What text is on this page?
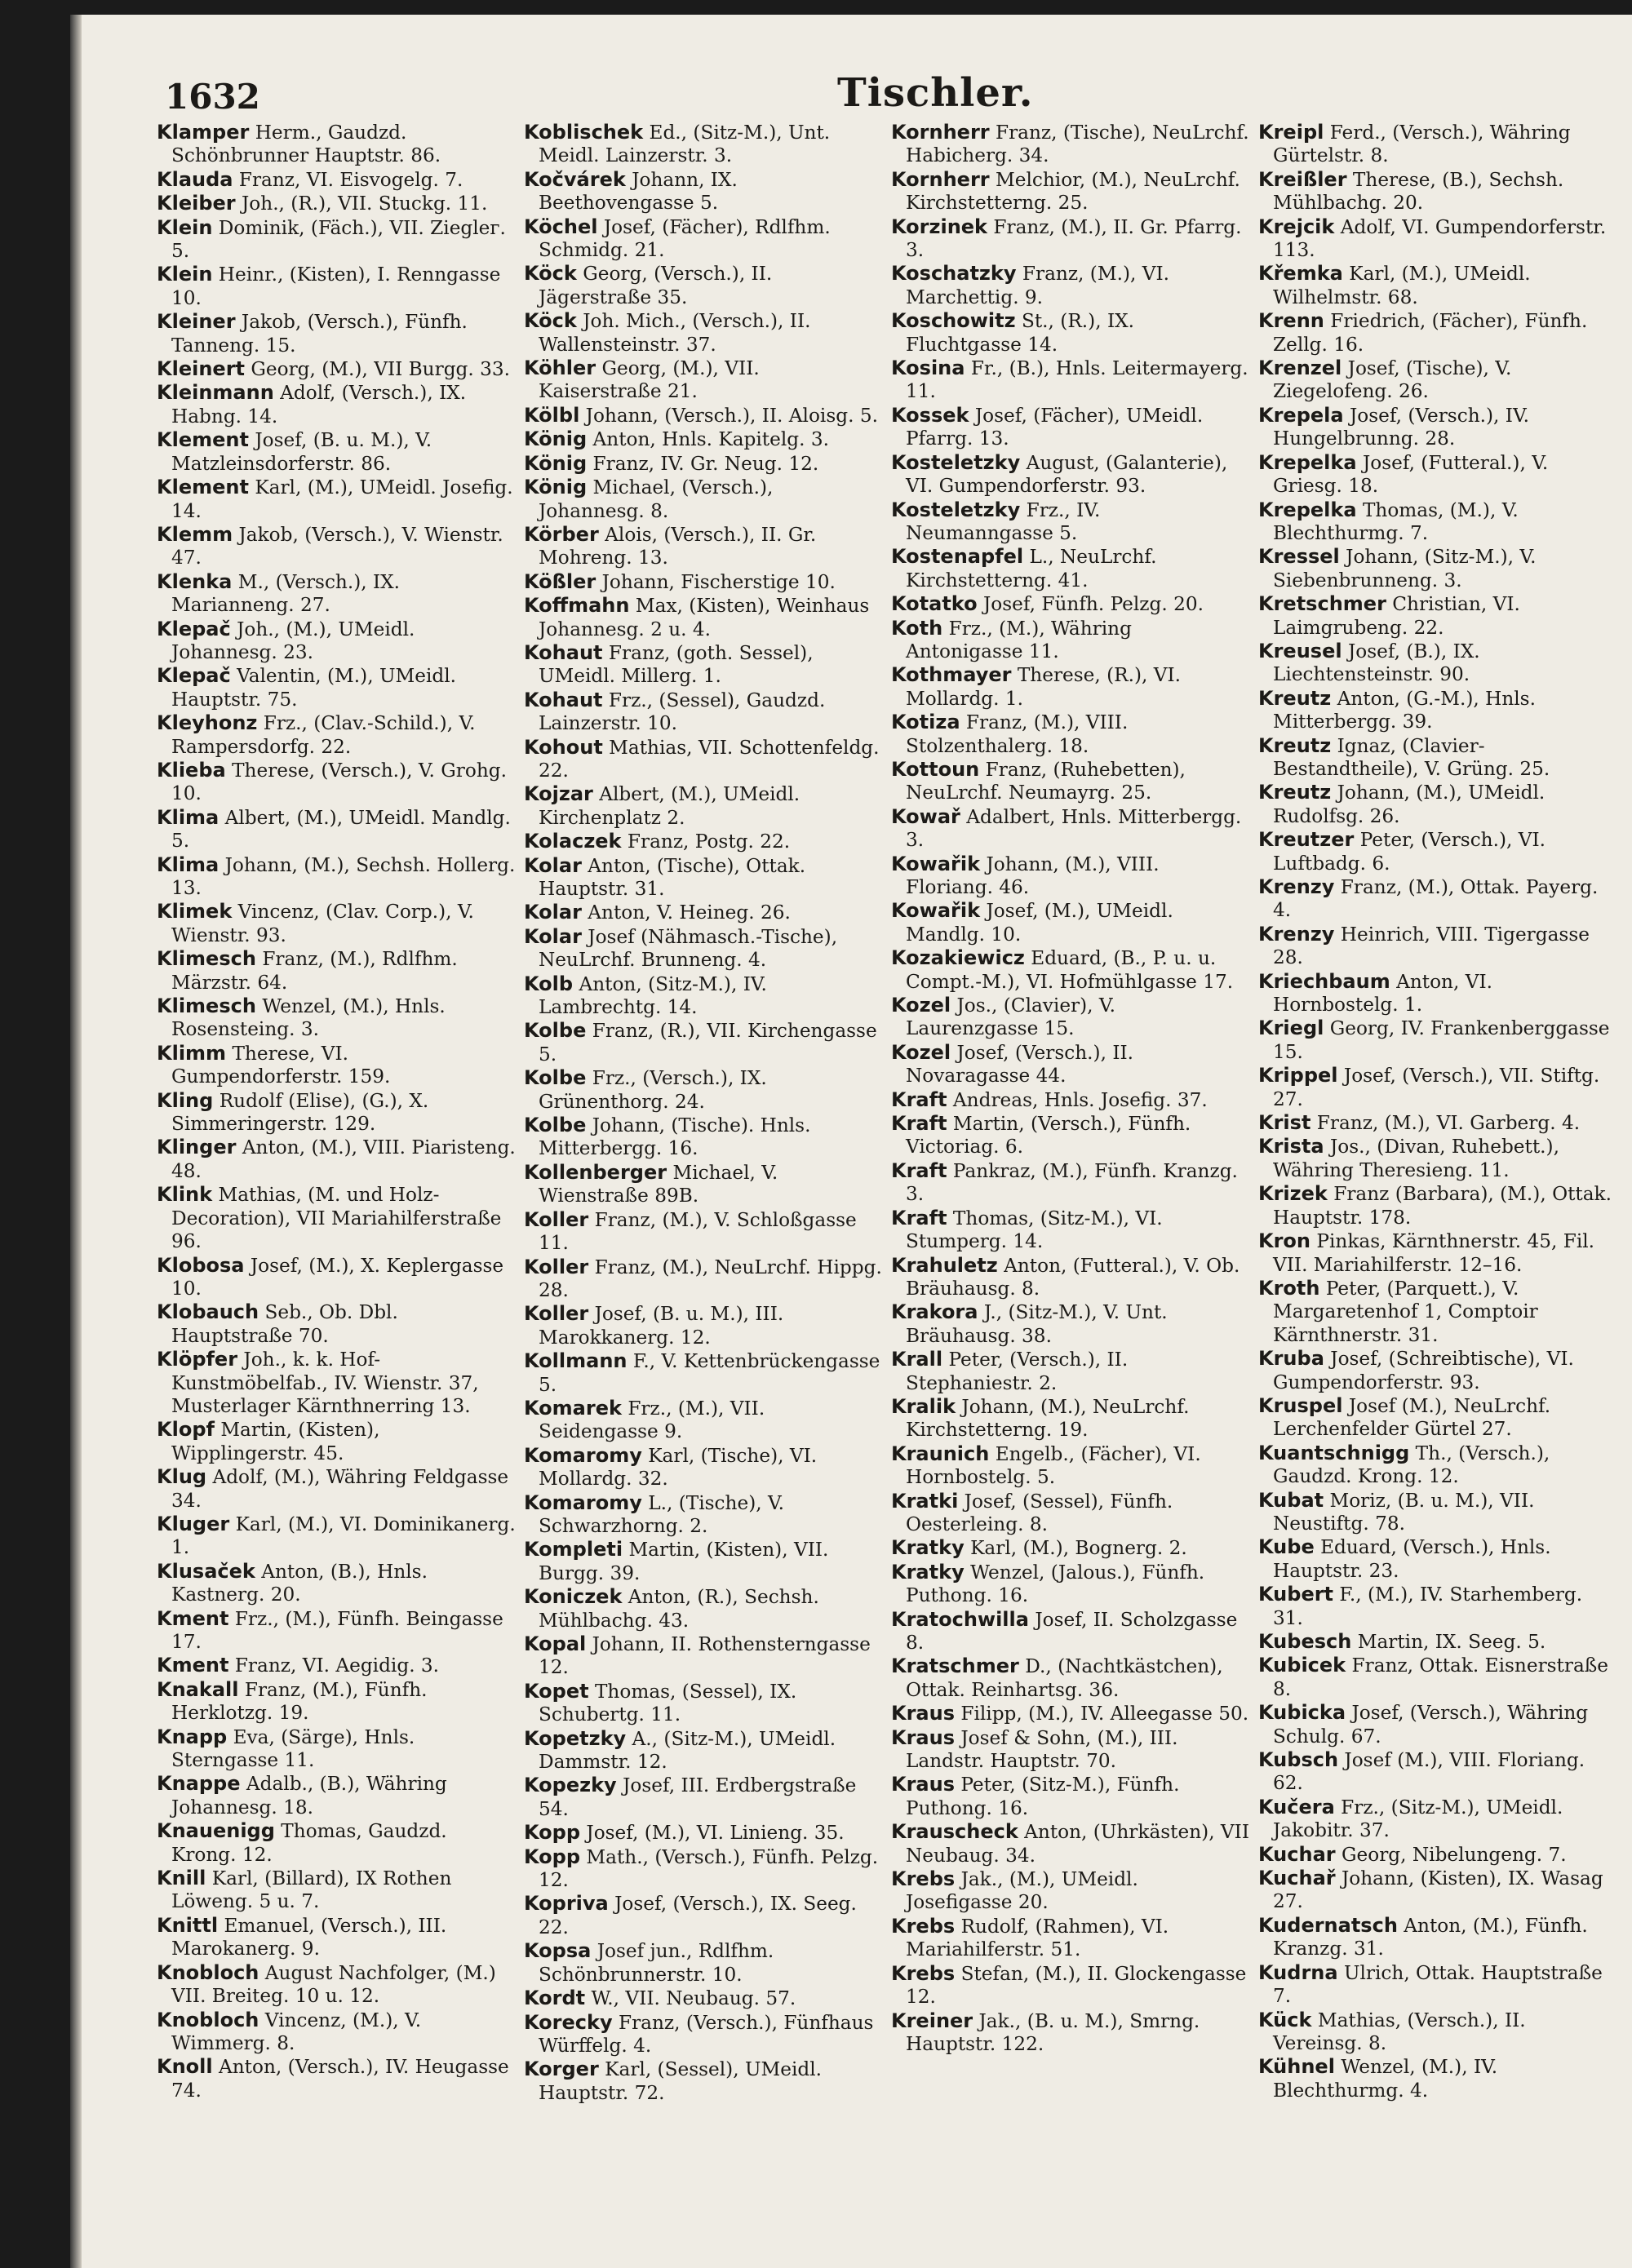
1632	Tischler.

Klamper Herm., Gaudzd. Schönbrunner Hauptstr. 86.

Klauda Franz, VI. Eisvogelg. 7.

Kleiber Joh., (R.), VII. Stuckg. 11.

Klein Dominik, (Fäch.), VII. Ziegleг. 5.

Klein Heinr., (Kisten), I. Renngasse 10.

Kleiner Jakob, (Versch.), Fünfh. Tanneng. 15.

Kleinert Georg, (M.), VII Burgg. 33.

Kleinmann Adolf, (Versch.), IX. Habng. 14.

Klement Josef, (B. u. M.), V. Matzleinsdorferstr. 86.

Klement Karl, (M.), UMeidl. Josefig. 14.

Klemm Jakob, (Versch.), V. Wienstr. 47.

Klenka M., (Versch.), IX. Marianneng. 27.

Klepač Joh., (M.), UMeidl. Johannesg. 23.

Klepač Valentin, (M.), UMeidl. Hauptstr. 75.

Kleyhonz Frz., (Clav.-Schild.), V. Rampersdorfg. 22.

Klieba Therese, (Versch.), V. Grohg. 10.

Klima Albert, (M.), UMeidl. Mandlg. 5.

Klima Johann, (M.), Sechsh. Hollerg. 13.

Klimek Vincenz, (Clav. Corp.), V. Wienstr. 93.

Klimesch Franz, (M.), Rdlfhm. Märzstr. 64.

Klimesch Wenzel, (M.), Hnls. Rosensteing. 3.

Klimm Therese, VI. Gumpendorferstr. 159.

Kling Rudolf (Elise), (G.), X. Simmeringerstr. 129.

Klinger Anton, (M.), VIII. Piaristeng. 48.

Klink Mathias, (M. und Holz-Decoration), VII Mariahilferstraße 96.

Klobosa Josef, (M.), X. Keplergasse 10.

Klobauch Seb., Ob. Dbl. Hauptstraße 70.

Klöpfer Joh., k. k. Hof-Kunstmöbelfab., IV. Wienstr. 37, Musterlager Kärnthnerring 13.

Klopf Martin, (Kisten), Wipplingerstr. 45.

Klug Adolf, (M.), Währing Feldgasse 34.

Kluger Karl, (M.), VI. Dominikanerg. 1.

Klusaček Anton, (B.), Hnls. Kastnerg. 20.

Kment Frz., (M.), Fünfh. Beingasse 17.

Kment Franz, VI. Aegidig. 3.

Knakall Franz, (M.), Fünfh. Herklotzg. 19.

Knapp Eva, (Särge), Hnls. Sterngasse 11.

Knappe Adalb., (B.), Währing Johannesg. 18.

Knauenigg Thomas, Gaudzd. Krong. 12.

Knill Karl, (Billard), IX Rothen Löweng. 5 u. 7.

Knittl Emanuel, (Versch.), III. Marokanerg. 9.

Knobloch August Nachfolger, (M.) VII. Breiteg. 10 u. 12.

Knobloch Vincenz, (M.), V. Wimmerg. 8.

Knoll Anton, (Versch.), IV. Heugasse 74.

Koblischek Ed., (Sitz-M.), Unt. Meidl. Lainzerstr. 3.

Kočvárek Johann, IX. Beethovengasse 5.

Köchel Josef, (Fächer), Rdlfhm. Schmidg. 21.

Köck Georg, (Versch.), II. Jägerstraße 35.

Köck Joh. Mich., (Versch.), II. Wallensteinstr. 37.

Köhler Georg, (M.), VII. Kaiserstraße 21.

Kölbl Johann, (Versch.), II. Aloisg. 5.

König Anton, Hnls. Kapitelg. 3.

König Franz, IV. Gr. Neug. 12.

König Michael, (Versch.), Johannesg. 8.

Körber Alois, (Versch.), II. Gr. Mohreng. 13.

Kößler Johann, Fischerstige 10.

Koffmahn Max, (Kisten), Weinhaus Johannesg. 2 u. 4.

Kohaut Franz, (goth. Sessel), UMeidl. Millerg. 1.

Kohaut Frz., (Sessel), Gaudzd. Lainzerstr. 10.

Kohout Mathias, VII. Schottenfeldg. 22.

Kojzar Albert, (M.), UMeidl. Kirchenplatz 2.

Kolaczek Franz, Postg. 22.

Kolar Anton, (Tische), Ottak. Hauptstr. 31.

Kolar Anton, V. Heineg. 26.

Kolar Josef (Nähmasch.-Tische), NeuLrchf. Brunneng. 4.

Kolb Anton, (Sitz-M.), IV. Lambrechtg. 14.

Kolbe Franz, (R.), VII. Kirchengasse 5.

Kolbe Frz., (Versch.), IX. Grünenthorg. 24.

Kolbe Johann, (Tische). Hnls. Mitterbergg. 16.

Kollenberger Michael, V. Wienstraße 89B.

Koller Franz, (M.), V. Schloßgasse 11.

Koller Franz, (M.), NeuLrchf. Hippg. 28.

Koller Josef, (B. u. M.), III. Marokkanerg. 12.

Kollmann F., V. Kettenbrückengasse 5.

Komarek Frz., (M.), VII. Seidengasse 9.

Komaromy Karl, (Tische), VI. Mollardg. 32.

Komaromy L., (Tische), V. Schwarzhorng. 2.

Kompleti Martin, (Kisten), VII. Burgg. 39.

Koniczek Anton, (R.), Sechsh. Mühlbachg. 43.

Kopal Johann, II. Rothensterngasse 12.

Kopet Thomas, (Sessel), IX. Schubertg. 11.

Kopetzky A., (Sitz-M.), UMeidl. Dammstr. 12.

Kopezky Josef, III. Erdbergstraße 54.

Kopp Josef, (M.), VI. Linieng. 35.

Kopp Math., (Versch.), Fünfh. Pelzg. 12.

Kopriva Josef, (Versch.), IX. Seeg. 22.

Kopsa Josef jun., Rdlfhm. Schönbrunnerstr. 10.

Kordt W., VII. Neubaug. 57.

Korecky Franz, (Versch.), Fünfhaus Würffelg. 4.

Korger Karl, (Sessel), UMeidl. Hauptstr. 72.

Kornherr Franz, (Tische), NeuLrchf. Habicherg. 34.

Kornherr Melchior, (M.), NeuLrchf. Kirchstetterng. 25.

Korzinek Franz, (M.), II. Gr. Pfarrg. 3.

Koschatzky Franz, (M.), VI. Marchettig. 9.

Koschowitz St., (R.), IX. Fluchtgasse 14.

Kosina Fr., (B.), Hnls. Leitermayerg. 11.

Kossek Josef, (Fächer), UMeidl. Pfarrg. 13.

Kosteletzky August, (Galanterie), VI. Gumpendorferstr. 93.

Kosteletzky Frz., IV. Neumanngasse 5.

Kostenapfel L., NeuLrchf. Kirchstetterng. 41.

Kotatko Josef, Fünfh. Pelzg. 20.

Koth Frz., (M.), Währing Antonigasse 11.

Kothmayer Therese, (R.), VI. Mollardg. 1.

Kotiza Franz, (M.), VIII. Stolzenthalerg. 18.

Kottoun Franz, (Ruhebetten), NeuLrchf. Neumayrg. 25.

Kowař Adalbert, Hnls. Mitterbergg. 3.

Kowařik Johann, (M.), VIII. Floriang. 46.

Kowařik Josef, (M.), UMeidl. Mandlg. 10.

Kozakiewicz Eduard, (B., P. u. u. Compt.-M.), VI. Hofmühlgasse 17.

Kozel Jos., (Clavier), V. Laurenzgasse 15.

Kozel Josef, (Versch.), II. Novaragasse 44.

Kraft Andreas, Hnls. Josefig. 37.

Kraft Martin, (Versch.), Fünfh. Victoriag. 6.

Kraft Pankraz, (M.), Fünfh. Kranzg. 3.

Kraft Thomas, (Sitz-M.), VI. Stumperg. 14.

Krahuletz Anton, (Futteral.), V. Ob. Bräuhausg. 8.

Krakora J., (Sitz-M.), V. Unt. Bräuhausg. 38.

Krall Peter, (Versch.), II. Stephaniestr. 2.

Kralik Johann, (M.), NeuLrchf. Kirchstetterng. 19.

Kraunich Engelb., (Fächer), VI. Hornbostelg. 5.

Kratki Josef, (Sessel), Fünfh. Oesterleing. 8.

Kratky Karl, (M.), Bognerg. 2.

Kratky Wenzel, (Jalous.), Fünfh. Puthong. 16.

Kratochwilla Josef, II. Scholzgasse 8.

Kratschmer D., (Nachtkästchen), Ottak. Reinhartsg. 36.

Kraus Filipp, (M.), IV. Alleegasse 50.

Kraus Josef & Sohn, (M.), III. Landstr. Hauptstr. 70.

Kraus Peter, (Sitz-M.), Fünfh. Puthong. 16.

Krauscheck Anton, (Uhrkästen), VII Neubaug. 34.

Krebs Jak., (M.), UMeidl. Josefigasse 20.

Krebs Rudolf, (Rahmen), VI. Mariahilferstr. 51.

Krebs Stefan, (M.), II. Glockengasse 12.

Kreiner Jak., (B. u. M.), Smrng. Hauptstr. 122.

Kreipl Ferd., (Versch.), Währing Gürtelstr. 8.

Kreißler Therese, (B.), Sechsh. Mühlbachg. 20.

Krejcik Adolf, VI. Gumpendorferstr. 113.

Křemka Karl, (M.), UMeidl. Wilhelmstr. 68.

Krenn Friedrich, (Fächer), Fünfh. Zellg. 16.

Krenzel Josef, (Tische), V. Ziegelofeng. 26.

Krepela Josef, (Versch.), IV. Hungelbrunng. 28.

Krepelka Josef, (Futteral.), V. Griesg. 18.

Krepelka Thomas, (M.), V. Blechthurmg. 7.

Kressel Johann, (Sitz-M.), V. Siebenbrunneng. 3.

Kretschmer Christian, VI. Laimgrubeng. 22.

Kreusel Josef, (B.), IX. Liechtensteinstr. 90.

Kreutz Anton, (G.-M.), Hnls. Mitterbergg. 39.

Kreutz Ignaz, (Clavier-Bestandtheile), V. Grüng. 25.

Kreutz Johann, (M.), UMeidl. Rudolfsg. 26.

Kreutzer Peter, (Versch.), VI. Luftbadg. 6.

Krenzy Franz, (M.), Ottak. Payerg. 4.

Krenzy Heinrich, VIII. Tigergasse 28.

Kriechbaum Anton, VI. Hornbostelg. 1.

Kriegl Georg, IV. Frankenberggasse 15.

Krippel Josef, (Versch.), VII. Stiftg. 27.

Krist Franz, (M.), VI. Garberg. 4.

Krista Jos., (Divan, Ruhebett.), Währing Theresieng. 11.

Krizek Franz (Barbara), (M.), Ottak. Hauptstr. 178.

Kron Pinkas, Kärnthnerstr. 45, Fil. VII. Mariahilferstr. 12–16.

Kroth Peter, (Parquett.), V. Margaretenhof 1, Comptoir Kärnthnerstr. 31.

Kruba Josef, (Schreibtische), VI. Gumpendorferstr. 93.

Kruspel Josef (M.), NeuLrchf. Lerchenfelder Gürtel 27.

Kuantschnigg Th., (Versch.), Gaudzd. Krong. 12.

Kubat Moriz, (B. u. M.), VII. Neustiftg. 78.

Kube Eduard, (Versch.), Hnls. Hauptstr. 23.

Kubert F., (M.), IV. Starhemberg. 31.

Kubesch Martin, IX. Seeg. 5.

Kubicek Franz, Ottak. Eisnerstraße 8.

Kubicka Josef, (Versch.), Währing Schulg. 67.

Kubsch Josef (M.), VIII. Floriang. 62.

Kučera Frz., (Sitz-M.), UMeidl. Jakobitr. 37.

Kuchar Georg, Nibelungeng. 7.

Kuchař Johann, (Kisten), IX. Wasag 27.

Kudernatsch Anton, (M.), Fünfh. Kranzg. 31.

Kudrna Ulrich, Ottak. Hauptstraße 7.

Kück Mathias, (Versch.), II. Vereinsg. 8.

Kühnel Wenzel, (M.), IV. Blechthurmg. 4.
